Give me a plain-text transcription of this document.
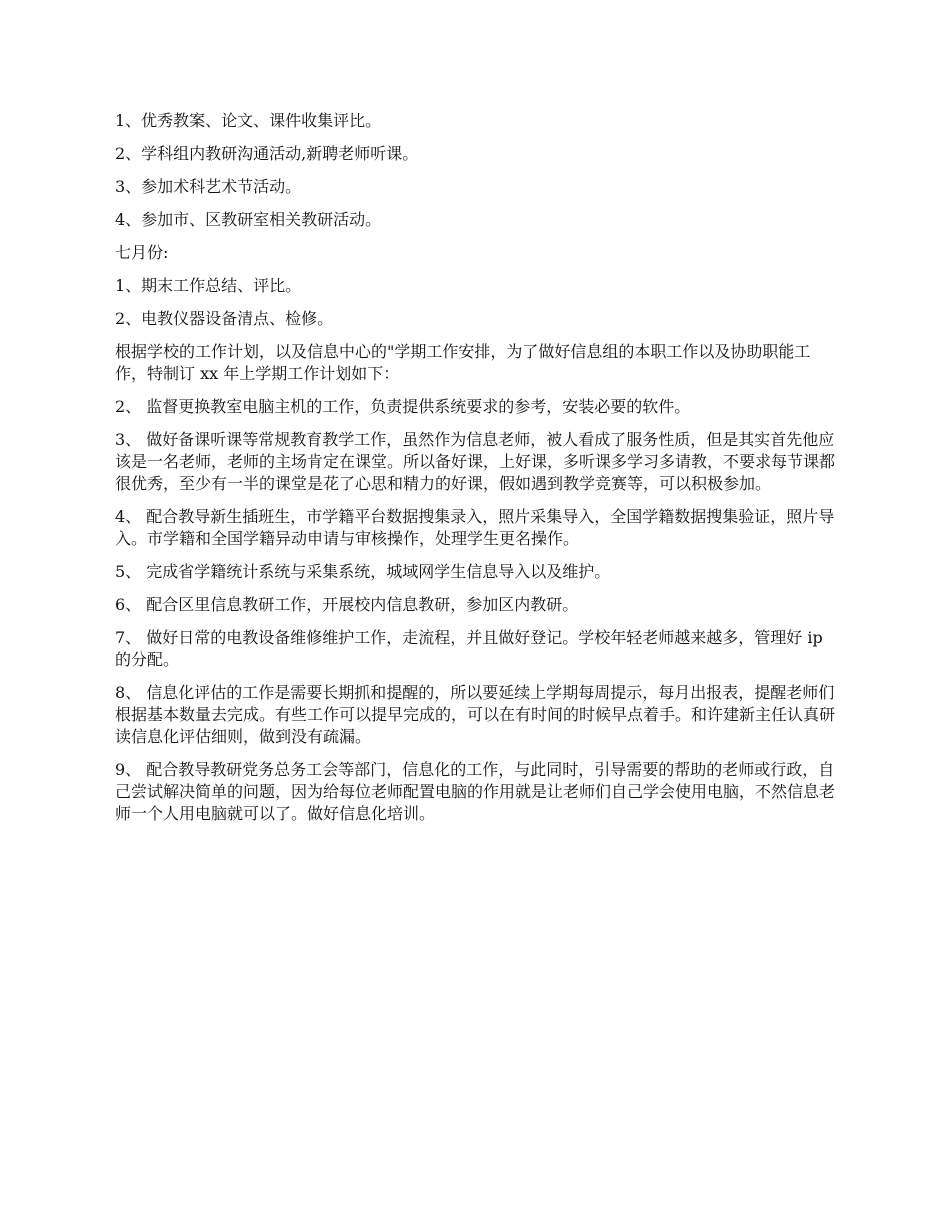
1、优秀教案、论文、课件收集评比。

2、学科组内教研沟通活动,新聘老师听课。

3、参加术科艺术节活动。

4、参加市、区教研室相关教研活动。

七月份:

1、期末工作总结、评比。

2、电教仪器设备清点、检修。

根据学校的工作计划，以及信息中心的"学期工作安排，为了做好信息组的本职工作以及协助职能工作，特制订 xx 年上学期工作计划如下：

2、 监督更换教室电脑主机的工作，负责提供系统要求的参考，安装必要的软件。

3、 做好备课听课等常规教育教学工作，虽然作为信息老师，被人看成了服务性质，但是其实首先他应该是一名老师，老师的主场肯定在课堂。所以备好课，上好课，多听课多学习多请教，不要求每节课都很优秀，至少有一半的课堂是花了心思和精力的好课，假如遇到教学竞赛等，可以积极参加。

4、 配合教导新生插班生，市学籍平台数据搜集录入，照片采集导入，全国学籍数据搜集验证，照片导入。市学籍和全国学籍异动申请与审核操作，处理学生更名操作。

5、 完成省学籍统计系统与采集系统，城域网学生信息导入以及维护。

6、 配合区里信息教研工作，开展校内信息教研，参加区内教研。

7、 做好日常的电教设备维修维护工作，走流程，并且做好登记。学校年轻老师越来越多，管理好 ip 的分配。

8、 信息化评估的工作是需要长期抓和提醒的，所以要延续上学期每周提示，每月出报表，提醒老师们根据基本数量去完成。有些工作可以提早完成的，可以在有时间的时候早点着手。和许建新主任认真研读信息化评估细则，做到没有疏漏。

9、 配合教导教研党务总务工会等部门，信息化的工作，与此同时，引导需要的帮助的老师或行政，自己尝试解决简单的问题，因为给每位老师配置电脑的作用就是让老师们自己学会使用电脑，不然信息老师一个人用电脑就可以了。做好信息化培训。
